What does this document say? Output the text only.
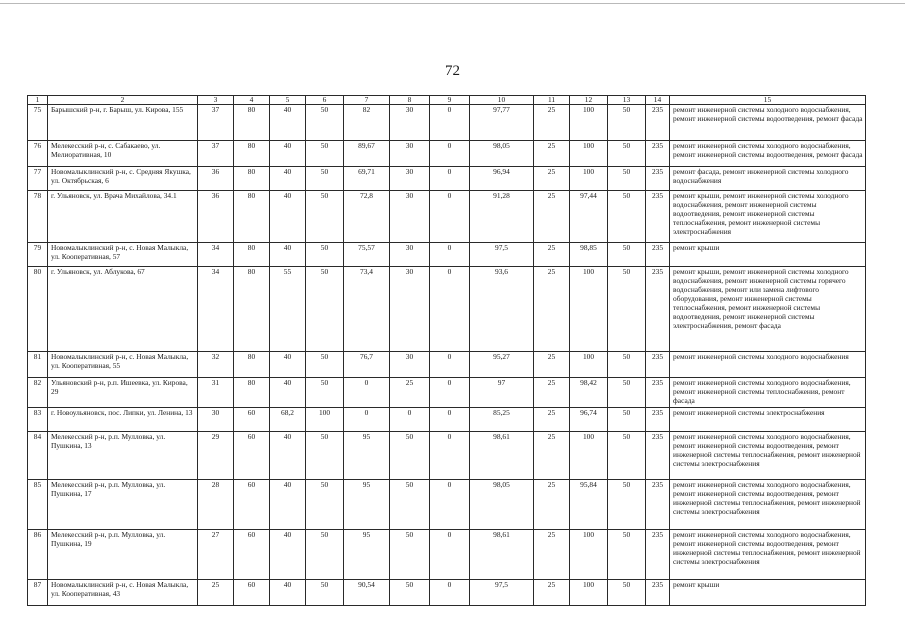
72
1	2	3	4	5	6	7	8	9	10	11	12	13	14	15
75	Барышский р-н, г. Барыш, ул. Кирова, 155	37	80	40	50	82	30	0	97,77	25	100	50	235	ремонт инженерной системы холодного водоснабжения, ремонт инженерной системы водоотведения, ремонт фасада
76	Мелекесский р-н, с. Сабакаево, ул. Мелиоративная, 10	37	80	40	50	89,67	30	0	98,05	25	100	50	235	ремонт инженерной системы холодного водоснабжения, ремонт инженерной системы водоотведения, ремонт фасада
77	Новомалыклинский р-н, с. Средняя Якушка, ул. Октябрьская, 6	36	80	40	50	69,71	30	0	96,94	25	100	50	235	ремонт фасада, ремонт инженерной системы холодного водоснабжения
78	г. Ульяновск, ул. Врача Михайлова, 34.1	36	80	40	50	72,8	30	0	91,28	25	97,44	50	235	ремонт крыши, ремонт инженерной системы холодного водоснабжения, ремонт инженерной системы водоотведения, ремонт инженерной системы теплоснабжения, ремонт инженерной системы электроснабжения
79	Новомалыклинский р-н, с. Новая Малыкла, ул. Кооперативная, 57	34	80	40	50	75,57	30	0	97,5	25	98,85	50	235	ремонт крыши
80	г. Ульяновск, ул. Аблукова, 67	34	80	55	50	73,4	30	0	93,6	25	100	50	235	ремонт крыши, ремонт инженерной системы холодного водоснабжения, ремонт инженерной системы горячего водоснабжения, ремонт или замена лифтового оборудования, ремонт инженерной системы теплоснабжения, ремонт инженерной системы водоотведения, ремонт инженерной системы электроснабжения, ремонт фасада
81	Новомалыклинский р-н, с. Новая Малыкла, ул. Кооперативная, 55	32	80	40	50	76,7	30	0	95,27	25	100	50	235	ремонт инженерной системы холодного водоснабжения
82	Ульяновский р-н, р.п. Ишеевка, ул. Кирова, 29	31	80	40	50	0	25	0	97	25	98,42	50	235	ремонт инженерной системы холодного водоснабжения, ремонт инженерной системы теплоснабжения, ремонт фасада
83	г. Новоульяновск, пос. Липки, ул. Ленина, 13	30	60	68,2	100	0	0	0	85,25	25	96,74	50	235	ремонт инженерной системы электроснабжения
84	Мелекесский р-н, р.п. Мулловка, ул. Пушкина, 13	29	60	40	50	95	50	0	98,61	25	100	50	235	ремонт инженерной системы холодного водоснабжения, ремонт инженерной системы водоотведения, ремонт инженерной системы теплоснабжения, ремонт инженерной системы электроснабжения
85	Мелекесский р-н, р.п. Мулловка, ул. Пушкина, 17	28	60	40	50	95	50	0	98,05	25	95,84	50	235	ремонт инженерной системы холодного водоснабжения, ремонт инженерной системы водоотведения, ремонт инженерной системы теплоснабжения, ремонт инженерной системы электроснабжения
86	Мелекесский р-н, р.п. Мулловка, ул. Пушкина, 19	27	60	40	50	95	50	0	98,61	25	100	50	235	ремонт инженерной системы холодного водоснабжения, ремонт инженерной системы водоотведения, ремонт инженерной системы теплоснабжения, ремонт инженерной системы электроснабжения
87	Новомалыклинский р-н, с. Новая Малыкла, ул. Кооперативная, 43	25	60	40	50	90,54	50	0	97,5	25	100	50	235	ремонт крыши
